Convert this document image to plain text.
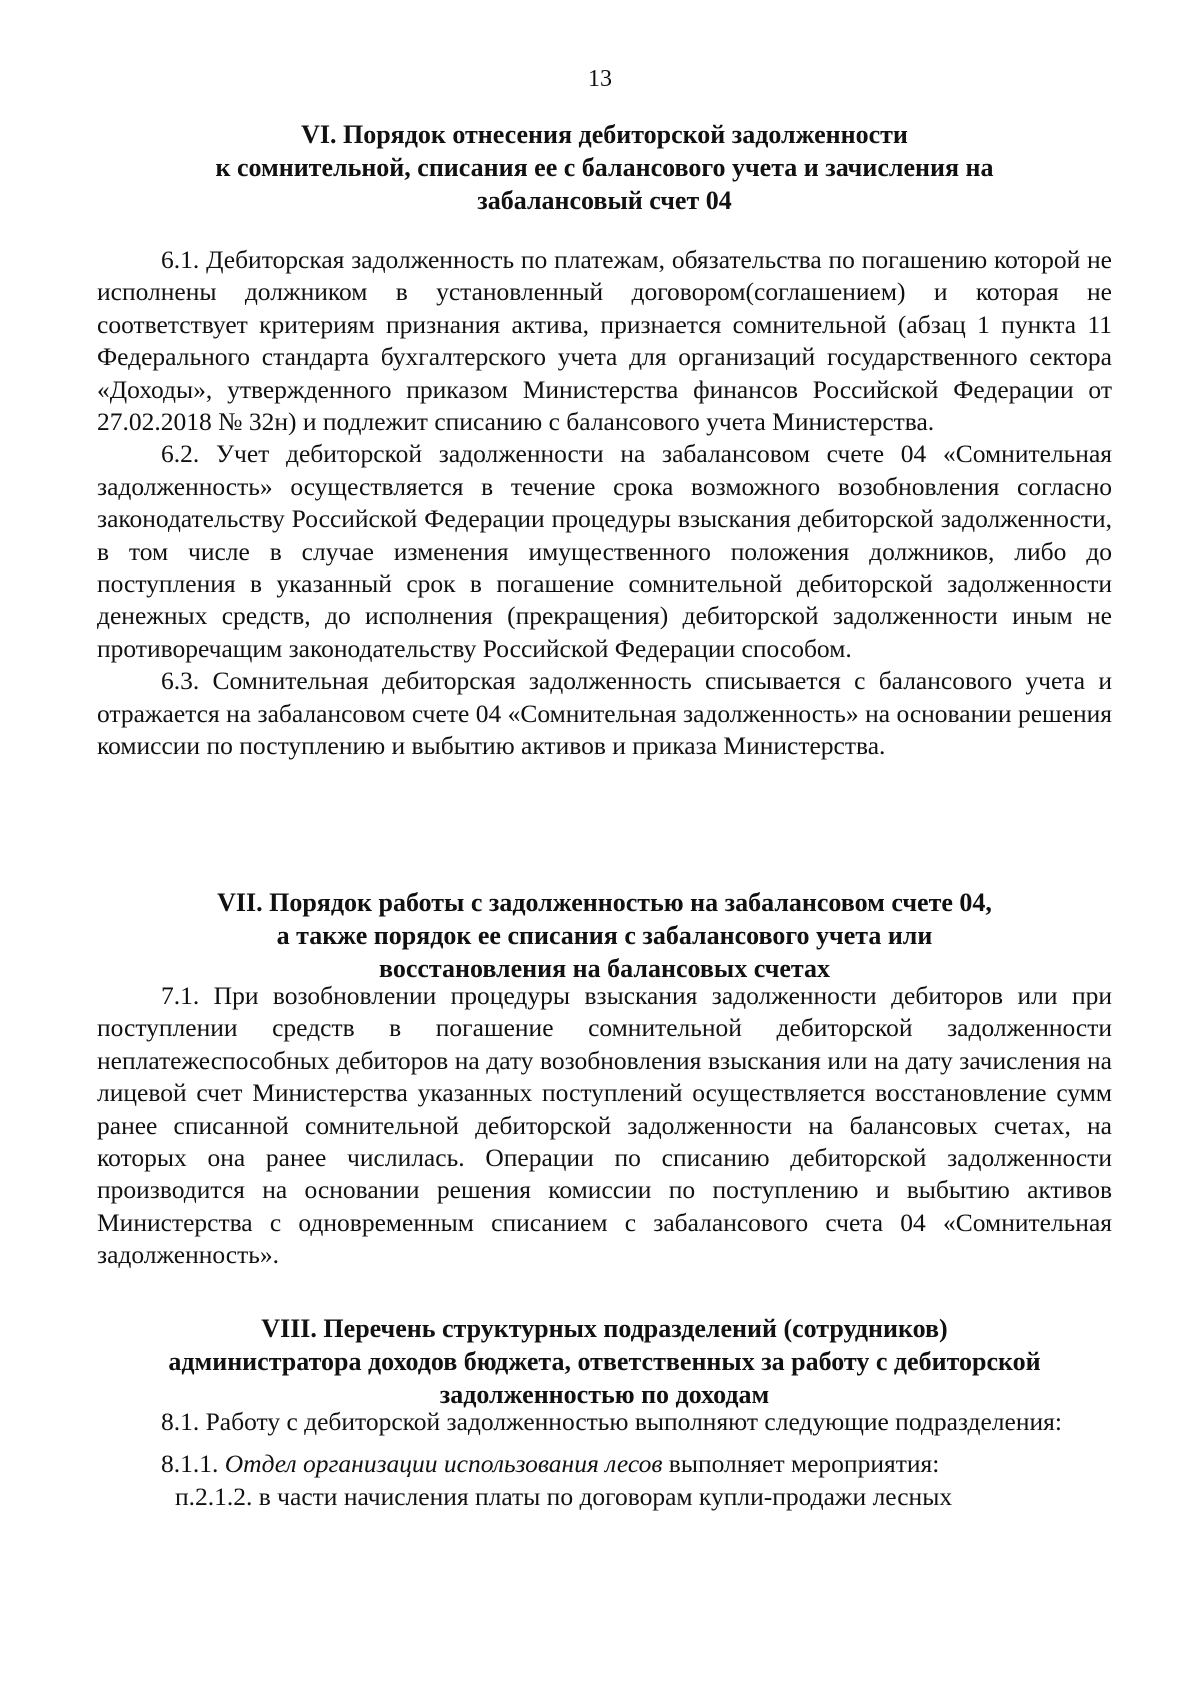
13
VI. Порядок отнесения дебиторской задолженности
к сомнительной, списания ее с балансового учета и зачисления на
забалансовый счет 04

6.1. Дебиторская задолженность по платежам, обязательства по погашению которой не исполнены должником в установленный договором(соглашением) и которая не соответствует критериям признания актива, признается сомнительной (абзац 1 пункта 11 Федерального стандарта бухгалтерского учета для организаций государственного сектора «Доходы», утвержденного приказом Министерства финансов Российской Федерации от 27.02.2018 № 32н) и подлежит списанию с балансового учета Министерства.

6.2. Учет дебиторской задолженности на забалансовом счете 04 «Сомнительная задолженность» осуществляется в течение срока возможного возобновления согласно законодательству Российской Федерации процедуры взыскания дебиторской задолженности, в том числе в случае изменения имущественного положения должников, либо до поступления в указанный срок в погашение сомнительной дебиторской задолженности денежных средств, до исполнения (прекращения) дебиторской задолженности иным не противоречащим законодательству Российской Федерации способом.

6.3. Сомнительная дебиторская задолженность списывается с балансового учета и отражается на забалансовом счете 04 «Сомнительная задолженность» на основании решения комиссии по поступлению и выбытию активов и приказа Министерства.

VII. Порядок работы с задолженностью на забалансовом счете 04,
а также порядок ее списания с забалансового учета или
восстановления на балансовых счетах

7.1. При возобновлении процедуры взыскания задолженности дебиторов или при поступлении средств в погашение сомнительной дебиторской задолженности неплатежеспособных дебиторов на дату возобновления взыскания или на дату зачисления на лицевой счет Министерства указанных поступлений осуществляется восстановление сумм ранее списанной сомнительной дебиторской задолженности на балансовых счетах, на которых она ранее числилась. Операции по списанию дебиторской задолженности производится на основании решения комиссии по поступлению и выбытию активов Министерства с одновременным списанием с забалансового счета 04 «Сомнительная задолженность».

VIII. Перечень структурных подразделений (сотрудников)
администратора доходов бюджета, ответственных за работу с дебиторской
задолженностью по доходам

8.1. Работу с дебиторской задолженностью выполняют следующие подразделения:

8.1.1. Отдел организации использования лесов выполняет мероприятия:

п.2.1.2. в части начисления платы по договорам купли-продажи лесных
